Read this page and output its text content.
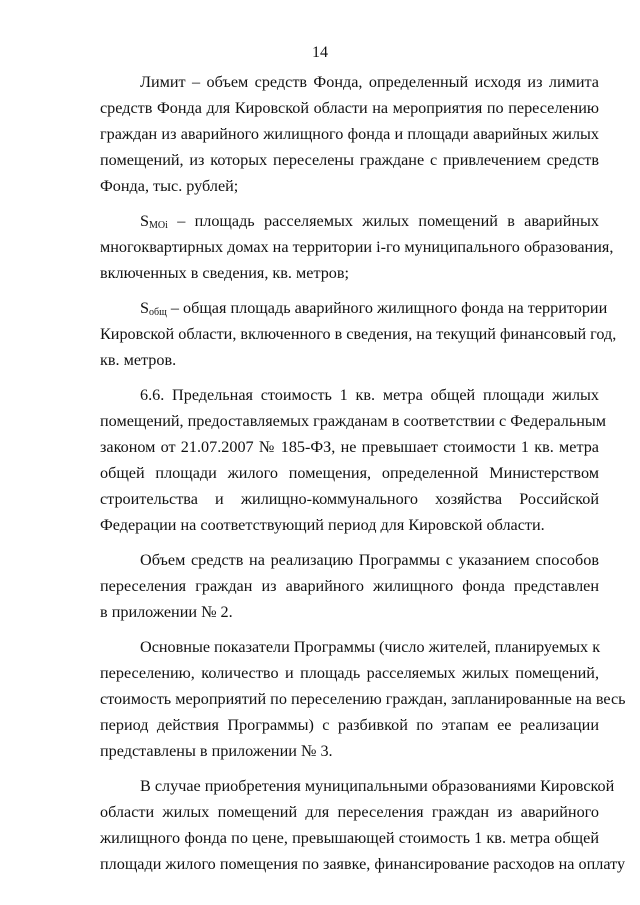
14
Лимит – объем средств Фонда, определенный исходя из лимита
средств Фонда для Кировской области на мероприятия по переселению
граждан из аварийного жилищного фонда и площади аварийных жилых
помещений, из которых переселены граждане с привлечением средств
Фонда, тыс. рублей;
$S_{MOi}$ – площадь расселяемых жилых помещений в аварийных
многоквартирных домах на территории i-го муниципального образования,
включенных в сведения, кв. метров;
$S_{общ}$ – общая площадь аварийного жилищного фонда на территории
Кировской области, включенного в сведения, на текущий финансовый год,
кв. метров.
6.6. Предельная стоимость 1 кв. метра общей площади жилых
помещений, предоставляемых гражданам в соответствии с Федеральным
законом от 21.07.2007 № 185-ФЗ, не превышает стоимости 1 кв. метра
общей площади жилого помещения, определенной Министерством
строительства и жилищно-коммунального хозяйства Российской
Федерации на соответствующий период для Кировской области.
Объем средств на реализацию Программы с указанием способов
переселения граждан из аварийного жилищного фонда представлен
в приложении № 2.
Основные показатели Программы (число жителей, планируемых к
переселению, количество и площадь расселяемых жилых помещений,
стоимость мероприятий по переселению граждан, запланированные на весь
период действия Программы) с разбивкой по этапам ее реализации
представлены в приложении № 3.
В случае приобретения муниципальными образованиями Кировской
области жилых помещений для переселения граждан из аварийного
жилищного фонда по цене, превышающей стоимость 1 кв. метра общей
площади жилого помещения по заявке, финансирование расходов на оплату
